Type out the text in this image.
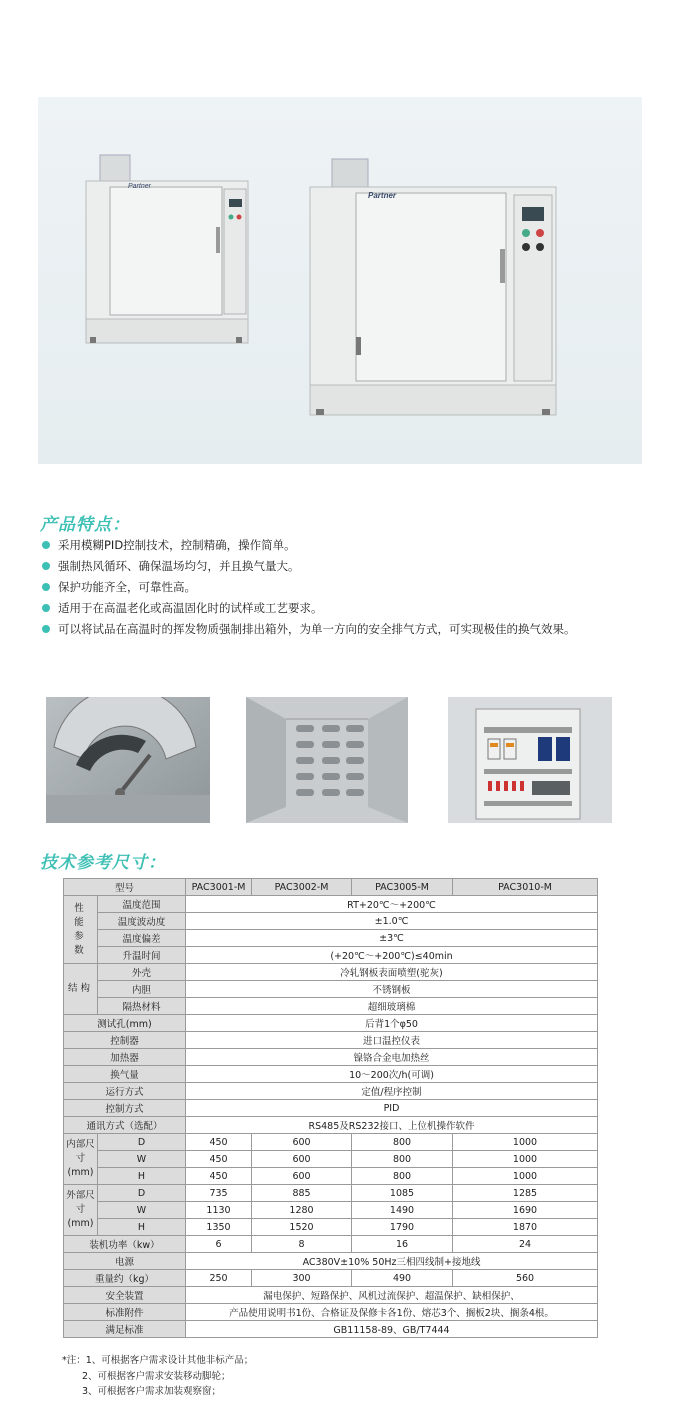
Partner
Partner
产品特点：
采用模糊PID控制技术，控制精确，操作简单。
强制热风循环、确保温场均匀，并且换气量大。
保护功能齐全，可靠性高。
适用于在高温老化或高温固化时的试样或工艺要求。
可以将试品在高温时的挥发物质强制排出箱外，为单一方向的安全排气方式，可实现极佳的换气效果。
技术参考尺寸：
型号		PAC3001-M	PAC3002-M	PAC3005-M	PAC3010-M
性能参数	温度范围	RT+20℃～+200℃			
	温度波动度	±1.0℃			
	温度偏差	±3℃			
	升温时间	(+20℃～+200℃)≤40min			
结构	外壳	冷轧钢板表面喷塑(驼灰)			
	内胆	不锈钢板			
	隔热材料	超细玻璃棉			
测试孔(mm)		后背1个φ50			
控制器		进口温控仪表			
加热器		镍铬合金电加热丝			
换气量		10～200次/h(可调)			
运行方式		定值/程序控制			
控制方式		PID			
通讯方式（选配）		RS485及RS232接口、上位机操作软件			
内部尺寸(mm)	D	450	600	800	1000
	W	450	600	800	1000
	H	450	600	800	1000
外部尺寸(mm)	D	735	885	1085	1285
	W	1130	1280	1490	1690
	H	1350	1520	1790	1870
装机功率（kw）		6	8	16	24
电源		AC380V±10% 50Hz三相四线制+接地线			
重量约（kg）		250	300	490	560
安全装置		漏电保护、短路保护、风机过流保护、超温保护、缺相保护、			
标准附件		产品使用说明书1份、合格证及保修卡各1份、熔芯3个、搁板2块、搁条4根。			
满足标准		GB11158-89、GB/T7444			
*注：1、可根据客户需求设计其他非标产品；
2、可根据客户需求安装移动脚轮；
3、可根据客户需求加装观察窗；
